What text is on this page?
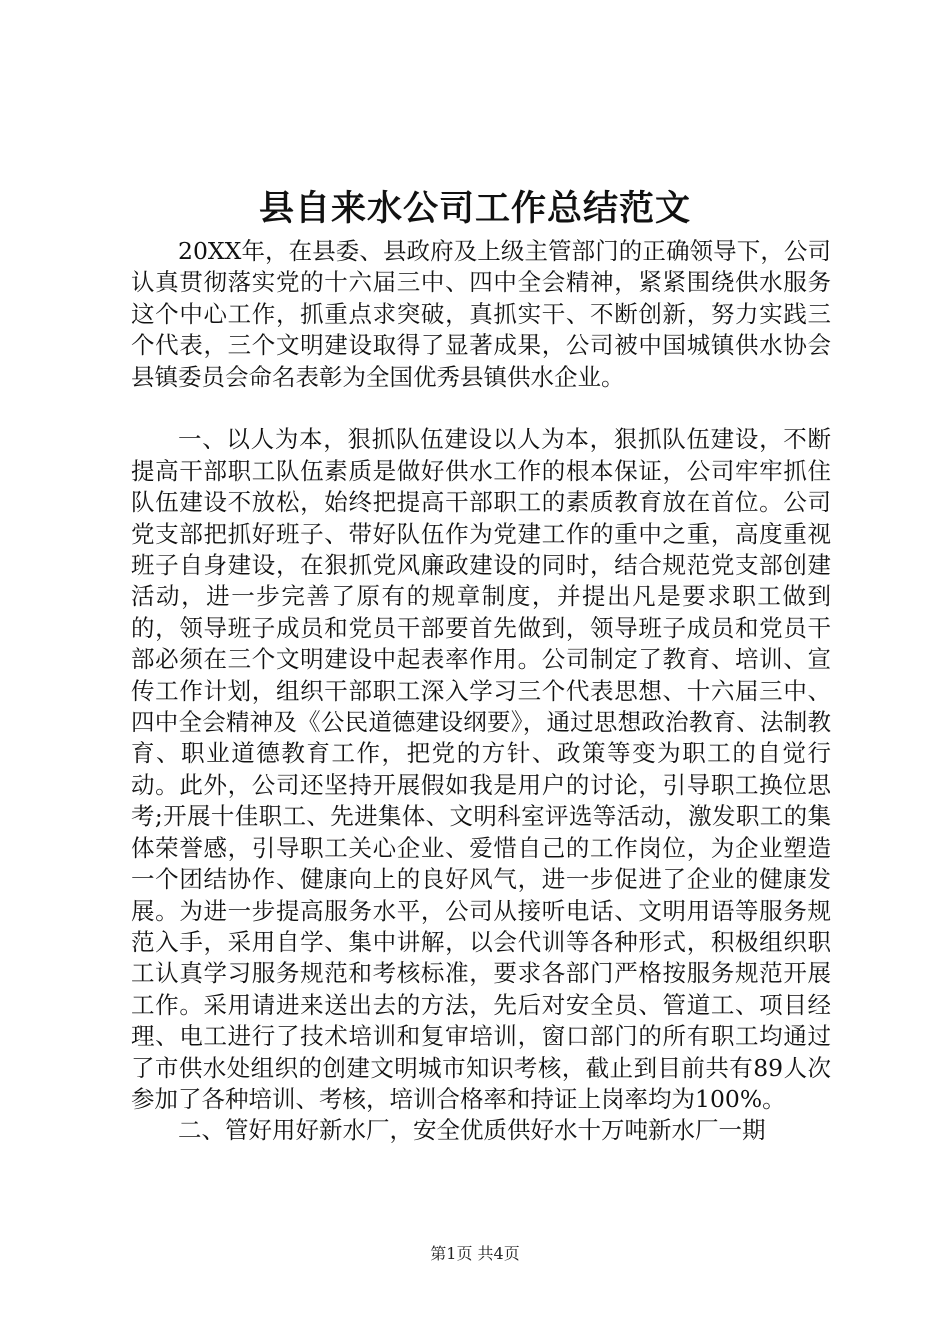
县自来水公司工作总结范文

20XX年，在县委、县政府及上级主管部门的正确领导下，公司认真贯彻落实党的十六届三中、四中全会精神，紧紧围绕供水服务这个中心工作，抓重点求突破，真抓实干、不断创新，努力实践三个代表，三个文明建设取得了显著成果，公司被中国城镇供水协会县镇委员会命名表彰为全国优秀县镇供水企业。

一、以人为本，狠抓队伍建设以人为本，狠抓队伍建设，不断提高干部职工队伍素质是做好供水工作的根本保证，公司牢牢抓住队伍建设不放松，始终把提高干部职工的素质教育放在首位。公司党支部把抓好班子、带好队伍作为党建工作的重中之重，高度重视班子自身建设，在狠抓党风廉政建设的同时，结合规范党支部创建活动，进一步完善了原有的规章制度，并提出凡是要求职工做到的，领导班子成员和党员干部要首先做到，领导班子成员和党员干部必须在三个文明建设中起表率作用。公司制定了教育、培训、宣传工作计划，组织干部职工深入学习三个代表思想、十六届三中、四中全会精神及《公民道德建设纲要》，通过思想政治教育、法制教育、职业道德教育工作，把党的方针、政策等变为职工的自觉行动。此外，公司还坚持开展假如我是用户的讨论，引导职工换位思考;开展十佳职工、先进集体、文明科室评选等活动，激发职工的集体荣誉感，引导职工关心企业、爱惜自己的工作岗位，为企业塑造一个团结协作、健康向上的良好风气，进一步促进了企业的健康发展。为进一步提高服务水平，公司从接听电话、文明用语等服务规范入手，采用自学、集中讲解，以会代训等各种形式，积极组织职工认真学习服务规范和考核标准，要求各部门严格按服务规范开展工作。采用请进来送出去的方法，先后对安全员、管道工、项目经理、电工进行了技术培训和复审培训，窗口部门的所有职工均通过了市供水处组织的创建文明城市知识考核，截止到目前共有89人次参加了各种培训、考核，培训合格率和持证上岗率均为100%。

二、管好用好新水厂，安全优质供好水十万吨新水厂一期

第1页 共4页
